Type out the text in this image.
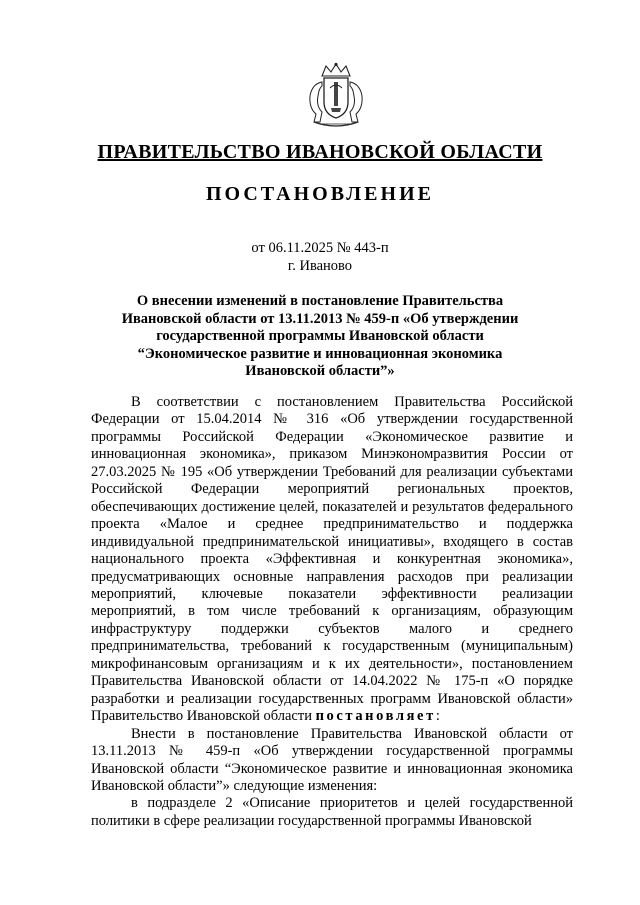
ПРАВИТЕЛЬСТВО ИВАНОВСКОЙ ОБЛАСТИ
ПОСТАНОВЛЕНИЕ
от 06.11.2025 № 443-п
г. Иваново
О внесении изменений в постановление Правительства Ивановской области от 13.11.2013 № 459-п «Об утверждении государственной программы Ивановской области “Экономическое развитие и инновационная экономика Ивановской области”»

В соответствии с постановлением Правительства Российской Федерации от 15.04.2014 № 316 «Об утверждении государственной программы Российской Федерации «Экономическое развитие и инновационная экономика», приказом Минэкономразвития России от 27.03.2025 № 195 «Об утверждении Требований для реализации субъектами Российской Федерации мероприятий региональных проектов, обеспечивающих достижение целей, показателей и результатов федерального проекта «Малое и среднее предпринимательство и поддержка индивидуальной предпринимательской инициативы», входящего в состав национального проекта «Эффективная и конкурентная экономика», предусматривающих основные направления расходов при реализации мероприятий, ключевые показатели эффективности реализации мероприятий, в том числе требований к организациям, образующим инфраструктуру поддержки субъектов малого и среднего предпринимательства, требований к государственным (муниципальным) микрофинансовым организациям и к их деятельности», постановлением Правительства Ивановской области от 14.04.2022 № 175-п «О порядке разработки и реализации государственных программ Ивановской области» Правительство Ивановской области постановляет:

Внести в постановление Правительства Ивановской области от 13.11.2013 № 459-п «Об утверждении государственной программы Ивановской области “Экономическое развитие и инновационная экономика Ивановской области”» следующие изменения:

в подразделе 2 «Описание приоритетов и целей государственной политики в сфере реализации государственной программы Ивановской
